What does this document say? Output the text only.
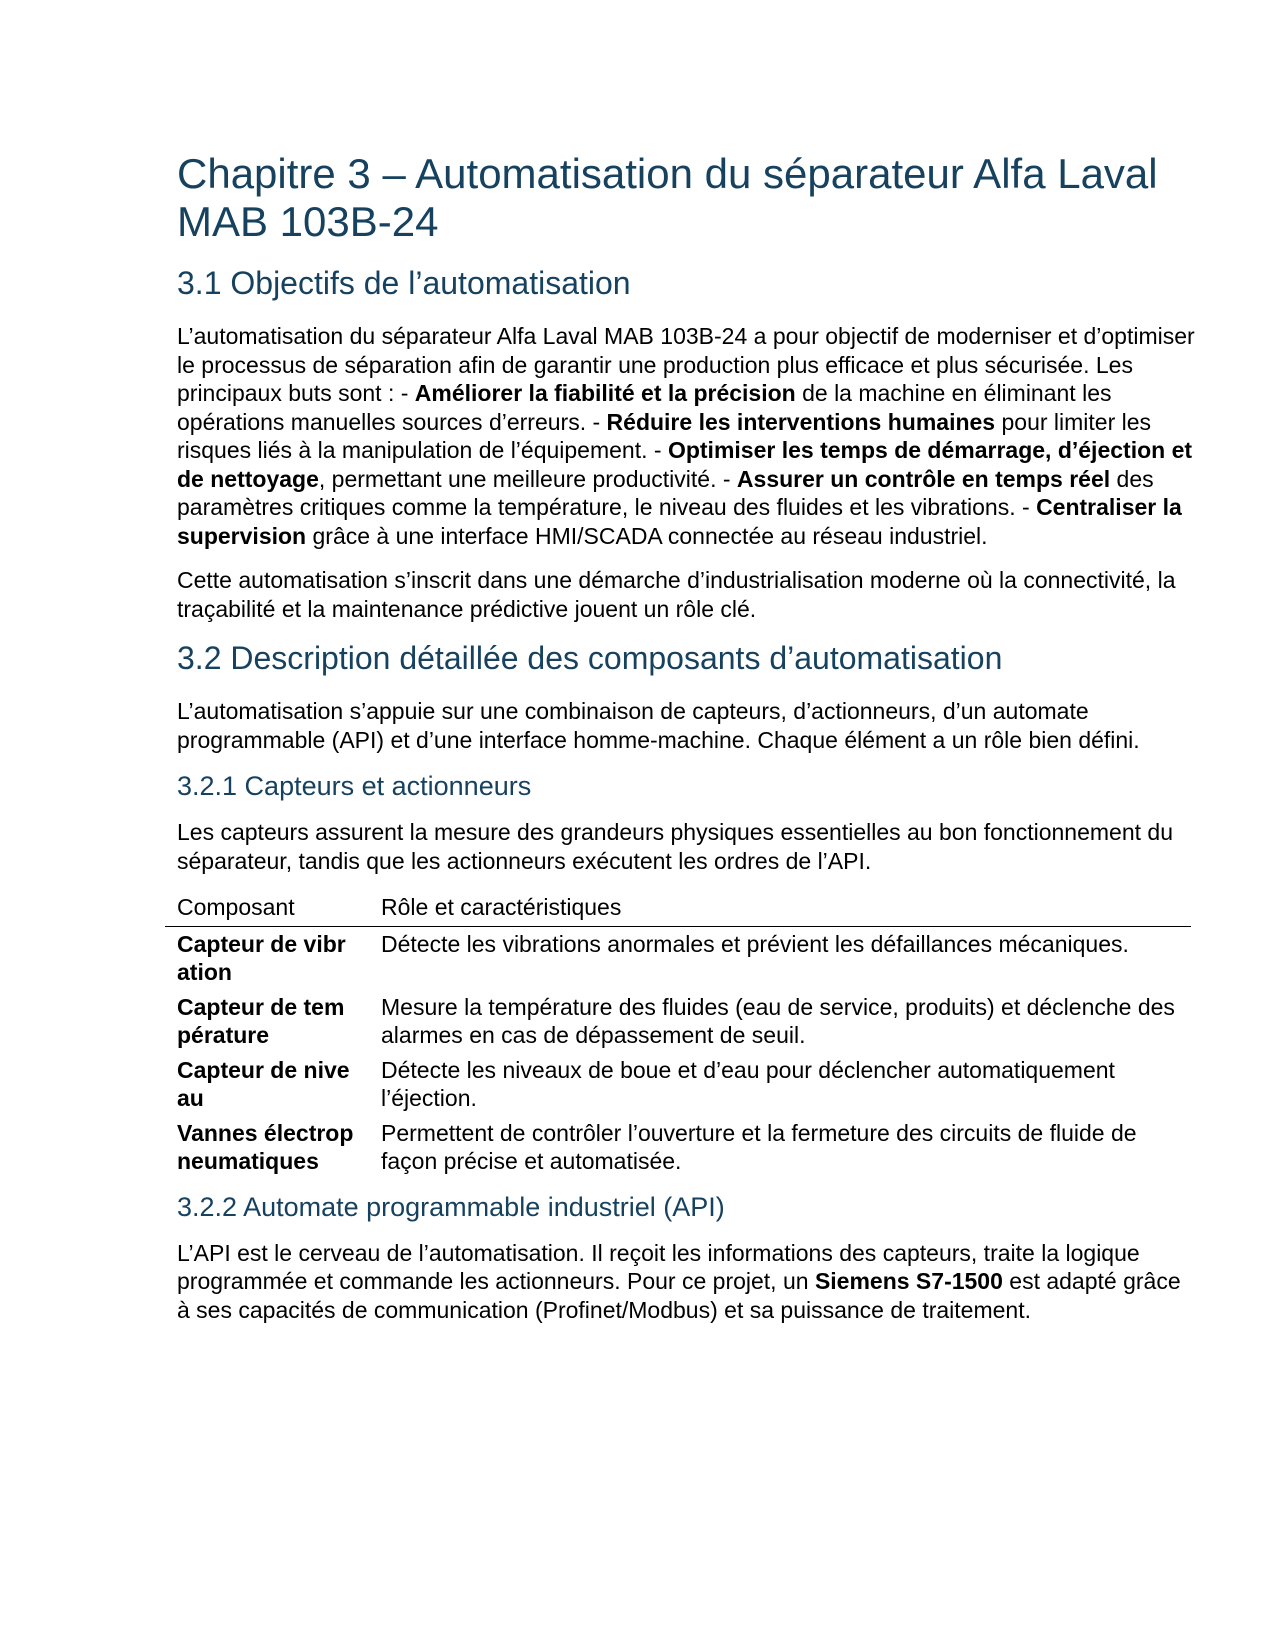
Chapitre 3 – Automatisation du séparateur Alfa Laval MAB 103B-24
3.1 Objectifs de l’automatisation

L’automatisation du séparateur Alfa Laval MAB 103B-24 a pour objectif de moderniser et d’optimiser le processus de séparation afin de garantir une production plus efficace et plus sécurisée. Les principaux buts sont : - Améliorer la fiabilité et la précision de la machine en éliminant les opérations manuelles sources d’erreurs. - Réduire les interventions humaines pour limiter les risques liés à la manipulation de l’équipement. - Optimiser les temps de démarrage, d’éjection et de nettoyage, permettant une meilleure productivité. - Assurer un contrôle en temps réel des paramètres critiques comme la température, le niveau des fluides et les vibrations. - Centraliser la supervision grâce à une interface HMI/SCADA connectée au réseau industriel.

Cette automatisation s’inscrit dans une démarche d’industrialisation moderne où la connectivité, la traçabilité et la maintenance prédictive jouent un rôle clé.

3.2 Description détaillée des composants d’automatisation

L’automatisation s’appuie sur une combinaison de capteurs, d’actionneurs, d’un automate programmable (API) et d’une interface homme-machine. Chaque élément a un rôle bien défini.

3.2.1 Capteurs et actionneurs

Les capteurs assurent la mesure des grandeurs physiques essentielles au bon fonctionnement du séparateur, tandis que les actionneurs exécutent les ordres de l’API.

Composant	Rôle et caractéristiques
Capteur de vibration	Détecte les vibrations anormales et prévient les défaillances mécaniques.
Capteur de température	Mesure la température des fluides (eau de service, produits) et déclenche des alarmes en cas de dépassement de seuil.
Capteur de niveau	Détecte les niveaux de boue et d’eau pour déclencher automatiquement l’éjection.
Vannes électropneumatiques	Permettent de contrôler l’ouverture et la fermeture des circuits de fluide de façon précise et automatisée.
3.2.2 Automate programmable industriel (API)

L’API est le cerveau de l’automatisation. Il reçoit les informations des capteurs, traite la logique programmée et commande les actionneurs. Pour ce projet, un Siemens S7-1500 est adapté grâce à ses capacités de communication (Profinet/Modbus) et sa puissance de traitement.
